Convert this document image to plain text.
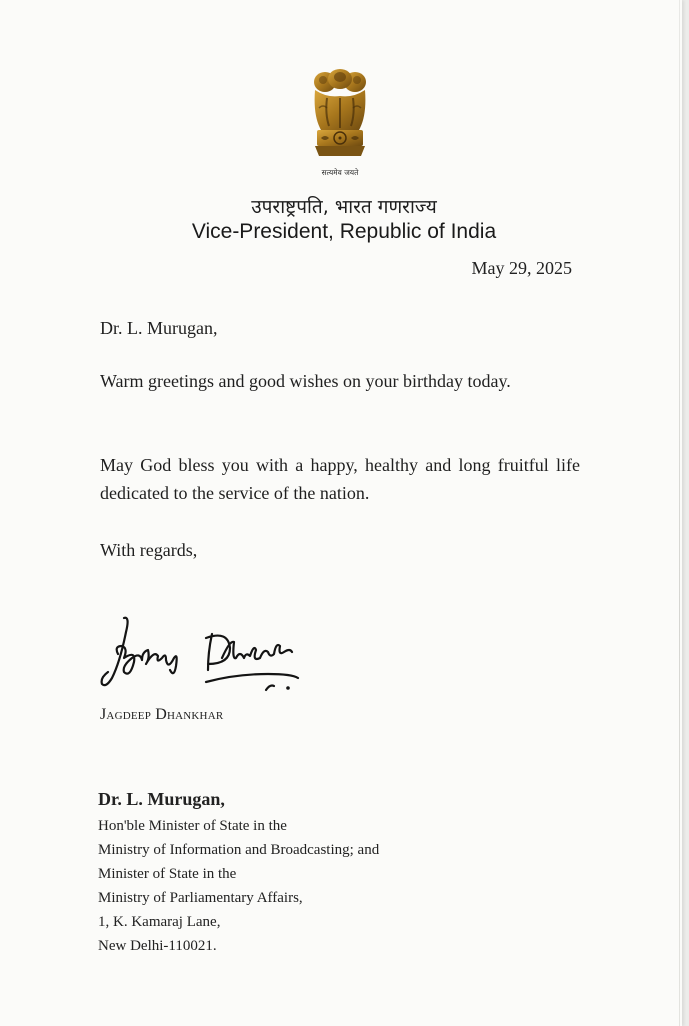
सत्यमेव जयते
उपराष्ट्रपति, भारत गणराज्य
Vice-President, Republic of India
May 29, 2025
Dr. L. Murugan,
Warm greetings and good wishes on your birthday today.
May God bless you with a happy, healthy and long fruitful life dedicated to the service of the nation.
With regards,
Jagdeep Dhankhar
Dr. L. Murugan,
Hon'ble Minister of State in the
Ministry of Information and Broadcasting; and
Minister of State in the
Ministry of Parliamentary Affairs,
1, K. Kamaraj Lane,
New Delhi-110021.
